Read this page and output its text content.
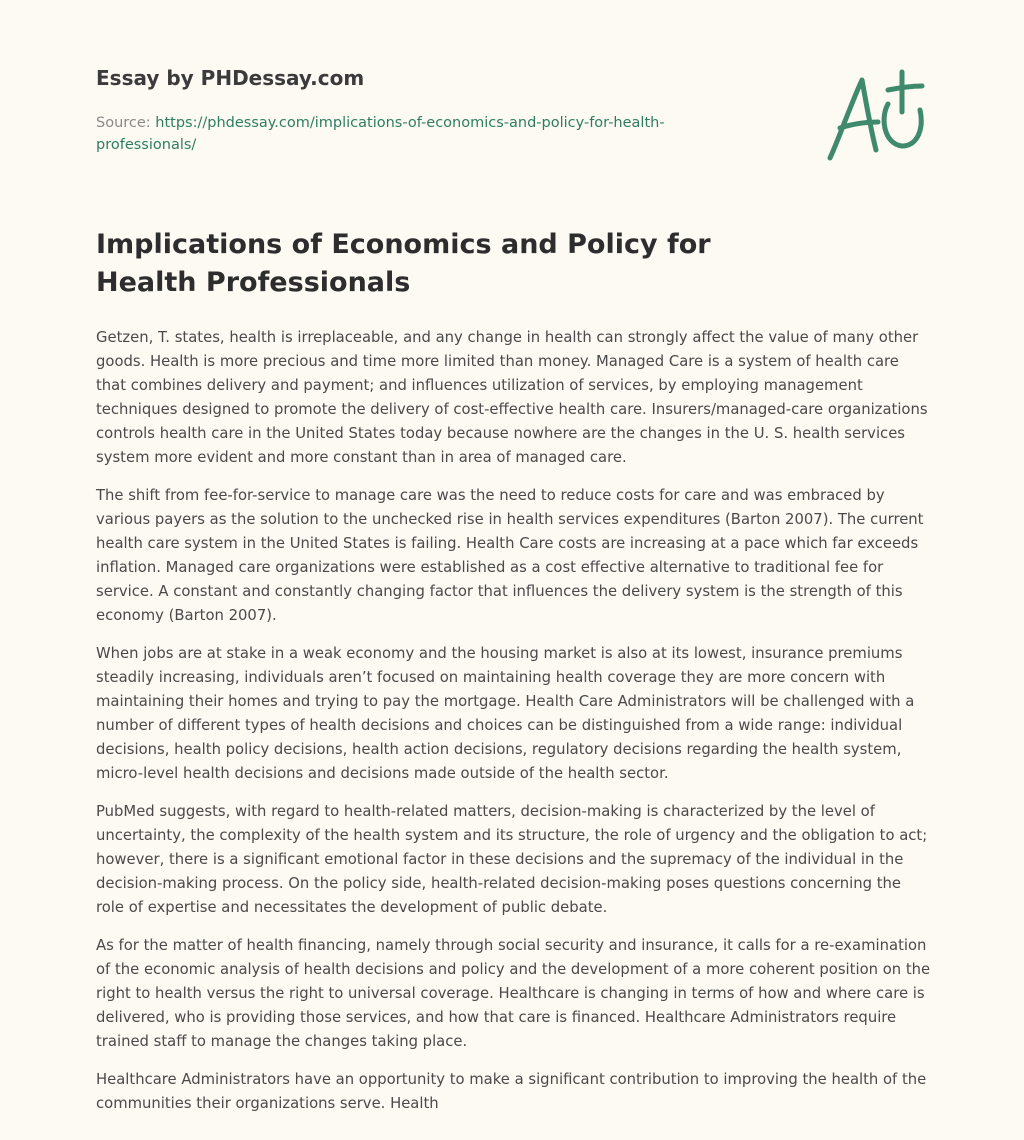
Essay by PHDessay.com
Source: https://phdessay.com/implications-of-economics-and-policy-for-health-professionals/
Implications of Economics and Policy for Health Professionals

Getzen, T. states, health is irreplaceable, and any change in health can strongly affect the value of many other goods. Health is more precious and time more limited than money. Managed Care is a system of health care that combines delivery and payment; and influences utilization of services, by employing management techniques designed to promote the delivery of cost-effective health care. Insurers/managed-care organizations controls health care in the United States today because nowhere are the changes in the U. S. health services system more evident and more constant than in area of managed care.

The shift from fee-for-service to manage care was the need to reduce costs for care and was embraced by various payers as the solution to the unchecked rise in health services expenditures (Barton 2007). The current health care system in the United States is failing. Health Care costs are increasing at a pace which far exceeds inflation. Managed care organizations were established as a cost effective alternative to traditional fee for service. A constant and constantly changing factor that influences the delivery system is the strength of this economy (Barton 2007).

When jobs are at stake in a weak economy and the housing market is also at its lowest, insurance premiums steadily increasing, individuals aren’t focused on maintaining health coverage they are more concern with maintaining their homes and trying to pay the mortgage. Health Care Administrators will be challenged with a number of different types of health decisions and choices can be distinguished from a wide range: individual decisions, health policy decisions, health action decisions, regulatory decisions regarding the health system, micro-level health decisions and decisions made outside of the health sector.

PubMed suggests, with regard to health-related matters, decision-making is characterized by the level of uncertainty, the complexity of the health system and its structure, the role of urgency and the obligation to act; however, there is a significant emotional factor in these decisions and the supremacy of the individual in the decision-making process. On the policy side, health-related decision-making poses questions concerning the role of expertise and necessitates the development of public debate.

As for the matter of health financing, namely through social security and insurance, it calls for a re-examination of the economic analysis of health decisions and policy and the development of a more coherent position on the right to health versus the right to universal coverage. Healthcare is changing in terms of how and where care is delivered, who is providing those services, and how that care is financed. Healthcare Administrators require trained staff to manage the changes taking place.

Healthcare Administrators have an opportunity to make a significant contribution to improving the health of the communities their organizations serve. Health
